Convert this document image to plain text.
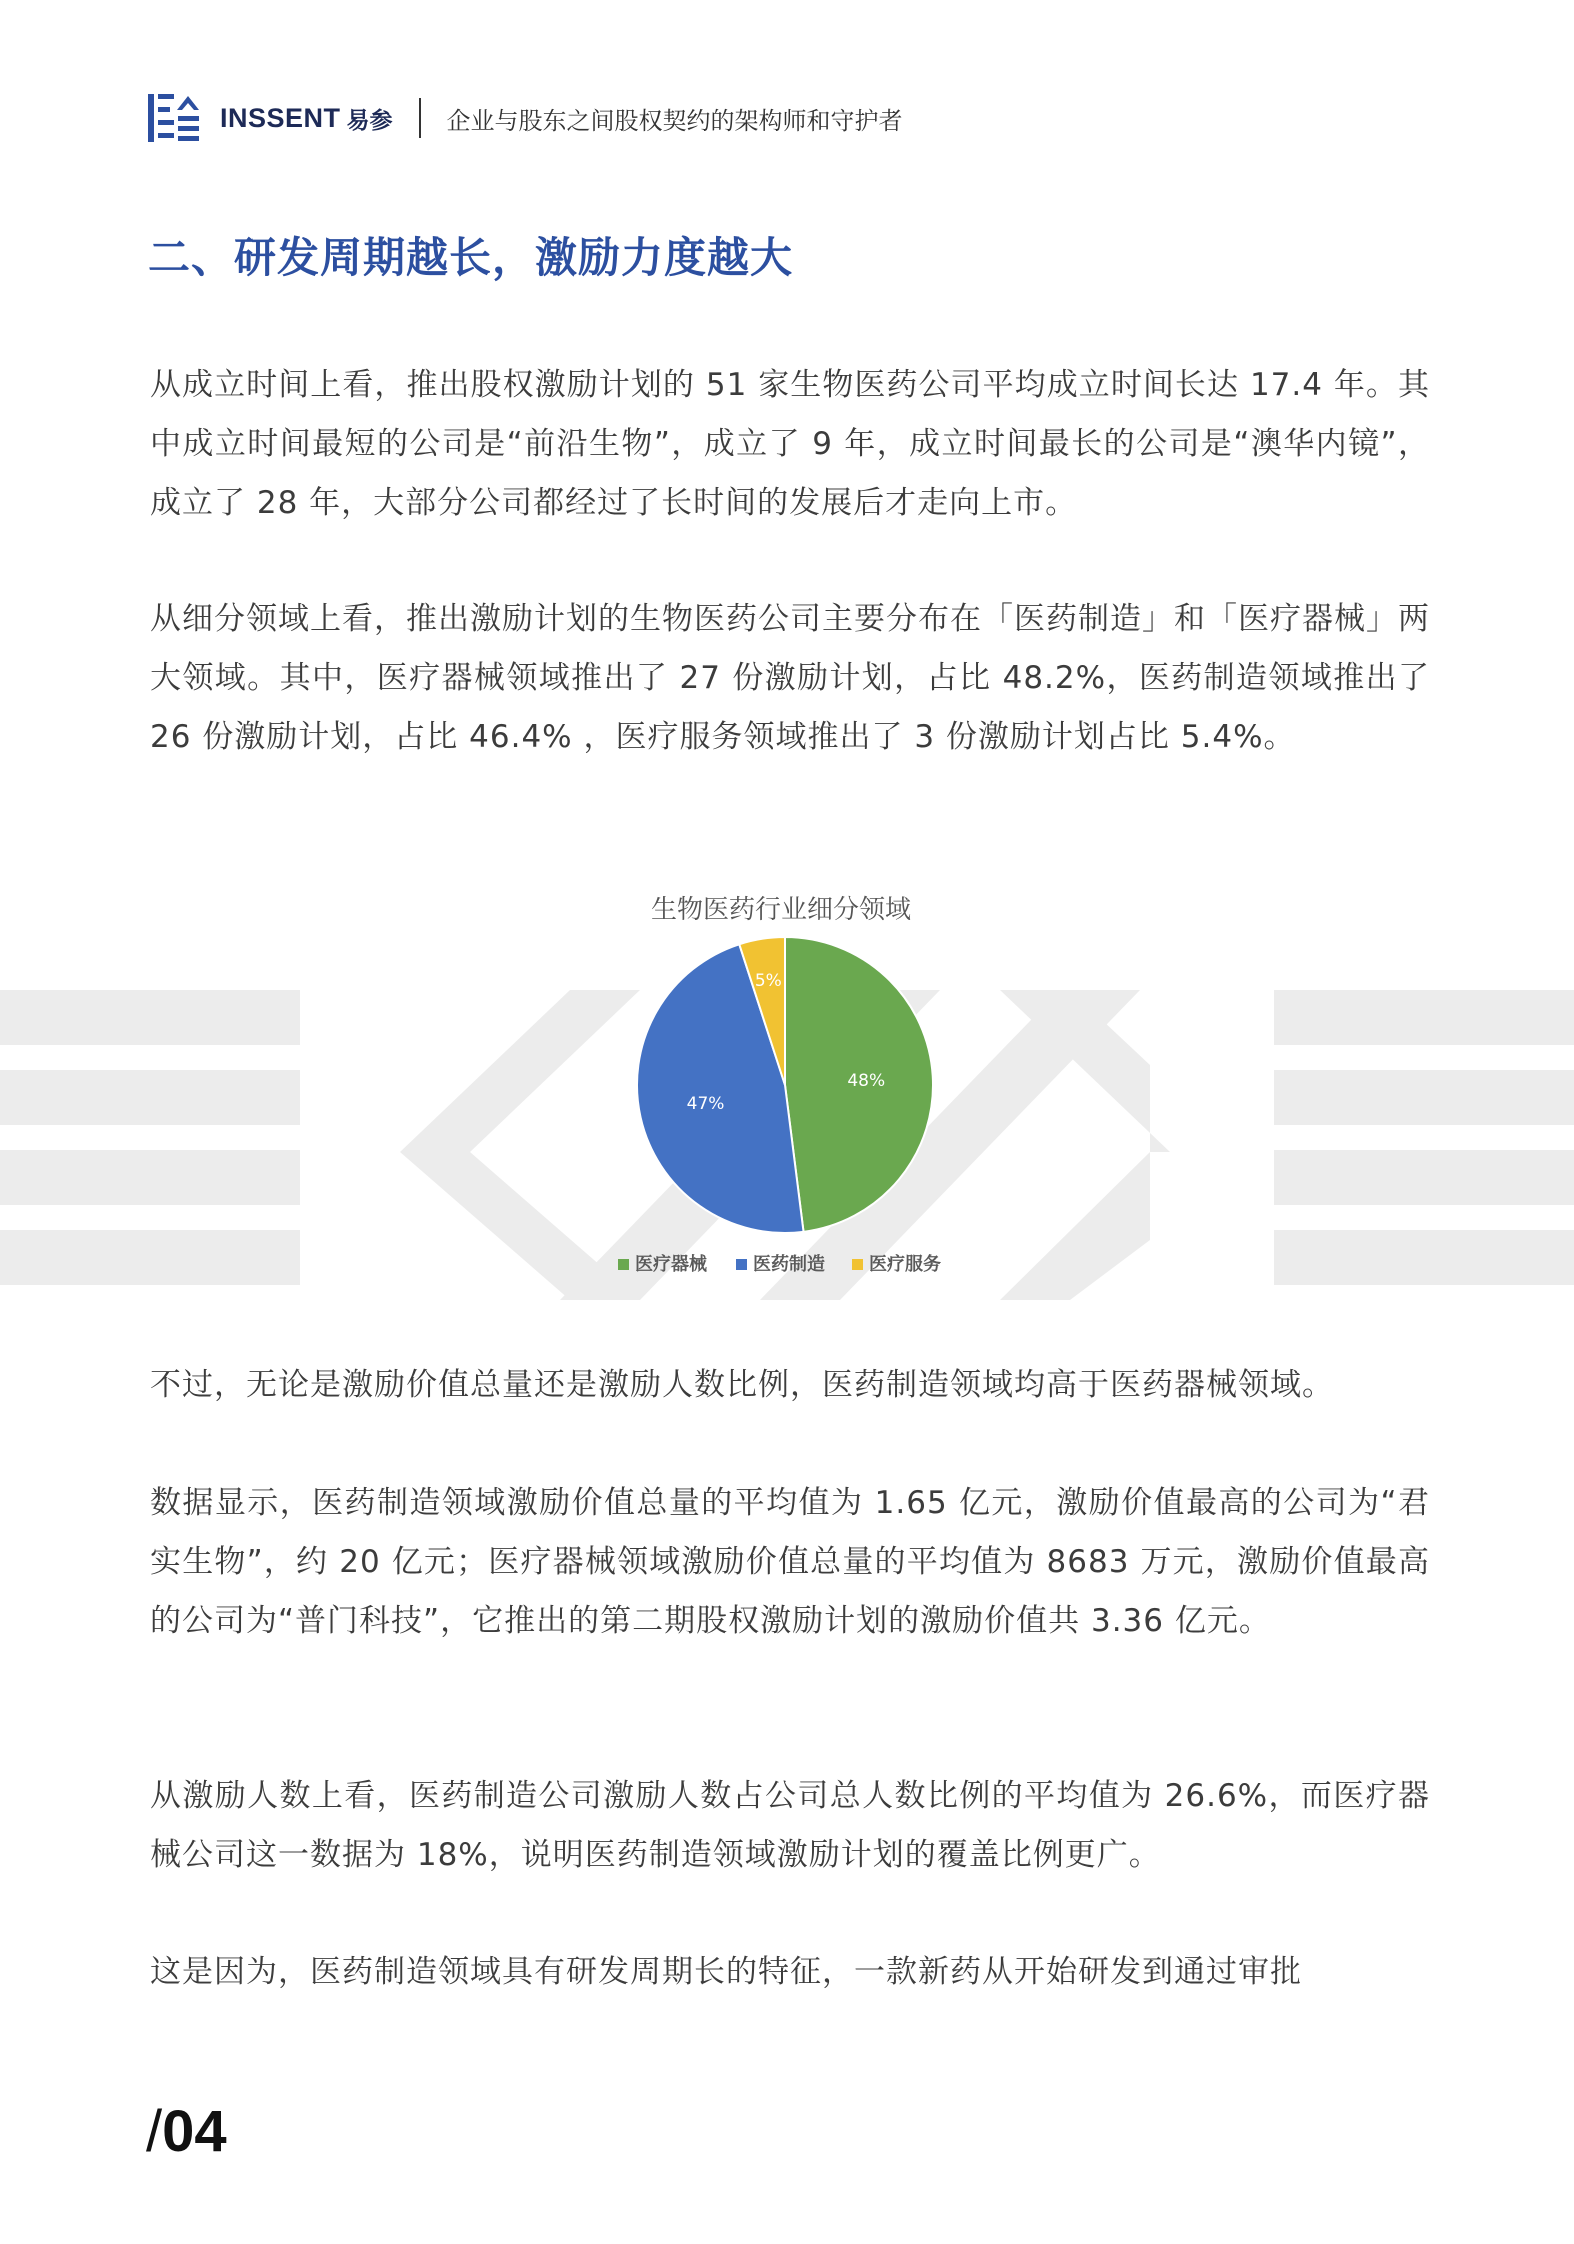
INSSENT 易参 企业与股东之间股权契约的架构师和守护者
二、研发周期越长，激励力度越大

从成立时间上看，推出股权激励计划的 51 家生物医药公司平均成立时间长达 17.4 年。其中成立时间最短的公司是“前沿生物”，成立了 9 年，成立时间最长的公司是“澳华内镜”，成立了 28 年，大部分公司都经过了长时间的发展后才走向上市。

从细分领域上看，推出激励计划的生物医药公司主要分布在「医药制造」和「医疗器械」两大领域。其中，医疗器械领域推出了 27 份激励计划，占比 48.2%，医药制造领域推出了 26 份激励计划，占比 46.4% ，医疗服务领域推出了 3 份激励计划占比 5.4%。

生物医药行业细分领域
48%
47%
5%
医疗器械	医药制造 医疗服务

不过，无论是激励价值总量还是激励人数比例，医药制造领域均高于医药器械领域。

数据显示，医药制造领域激励价值总量的平均值为 1.65 亿元，激励价值最高的公司为“君实生物”，约 20 亿元；医疗器械领域激励价值总量的平均值为 8683 万元，激励价值最高的公司为“普门科技”，它推出的第二期股权激励计划的激励价值共 3.36 亿元。

从激励人数上看，医药制造公司激励人数占公司总人数比例的平均值为 26.6%，而医疗器械公司这一数据为 18%，说明医药制造领域激励计划的覆盖比例更广。

这是因为，医药制造领域具有研发周期长的特征，一款新药从开始研发到通过审批

/04
